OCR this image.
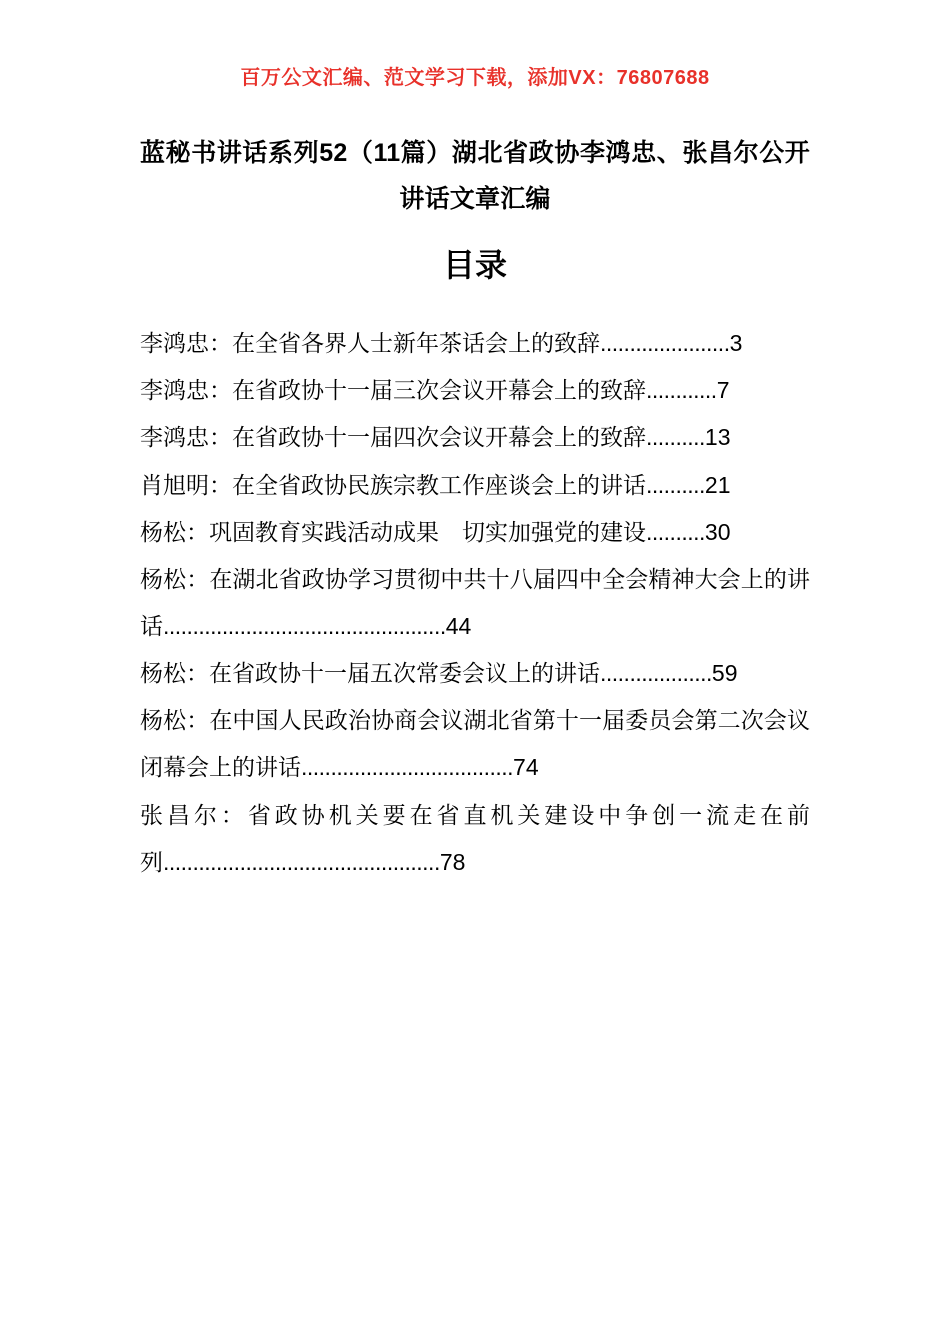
百万公文汇编、范文学习下载，添加VX：76807688
蓝秘书讲话系列52（11篇）湖北省政协李鸿忠、张昌尔公开讲话文章汇编
目录
李鸿忠：在全省各界人士新年茶话会上的致辞......................3
李鸿忠：在省政协十一届三次会议开幕会上的致辞............7
李鸿忠：在省政协十一届四次会议开幕会上的致辞..........13
肖旭明：在全省政协民族宗教工作座谈会上的讲话..........21
杨松：巩固教育实践活动成果　切实加强党的建设..........30
杨松：在湖北省政协学习贯彻中共十八届四中全会精神大会上的讲话................................................44
杨松：在省政协十一届五次常委会议上的讲话...................59
杨松：在中国人民政治协商会议湖北省第十一届委员会第二次会议闭幕会上的讲话....................................74
张昌尔：省政协机关要在省直机关建设中争创一流走在前列...............................................78
